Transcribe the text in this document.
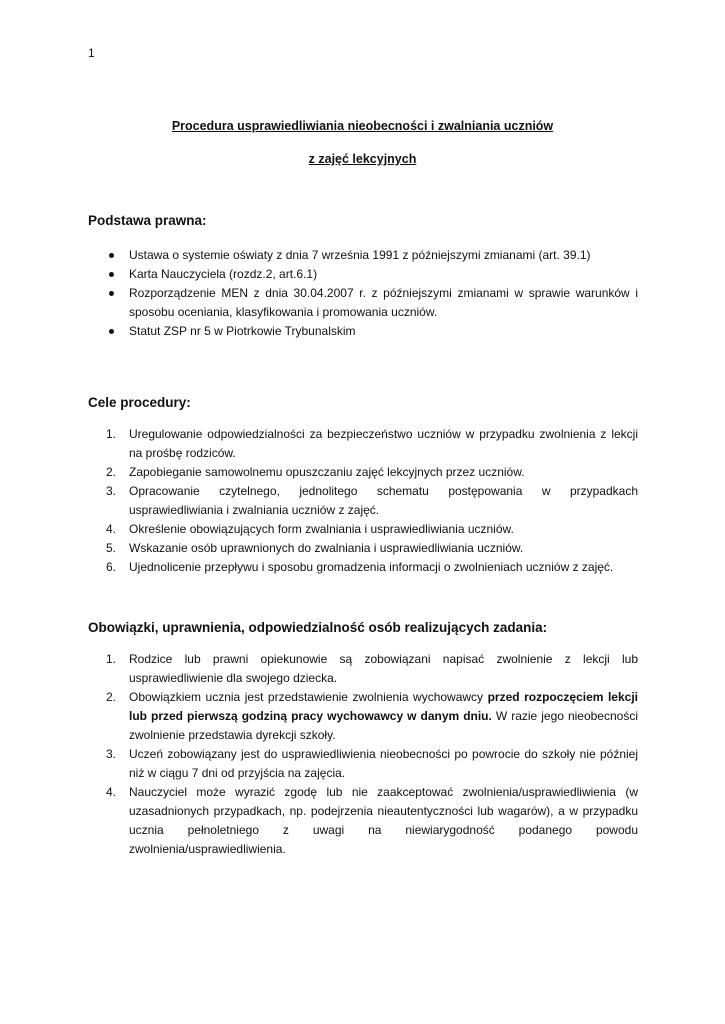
1
Procedura usprawiedliwiania nieobecności i zwalniania uczniów
z zajęć lekcyjnych
Podstawa prawna:
Ustawa o systemie oświaty z dnia 7 września 1991 z późniejszymi zmianami (art. 39.1)
Karta Nauczyciela (rozdz.2, art.6.1)
Rozporządzenie MEN z dnia 30.04.2007 r. z późniejszymi zmianami w sprawie warunków i sposobu oceniania, klasyfikowania i promowania uczniów.
Statut ZSP nr 5 w Piotrkowie Trybunalskim
Cele procedury:
1. Uregulowanie odpowiedzialności za bezpieczeństwo uczniów w przypadku zwolnienia z lekcji na prośbę rodziców.
2. Zapobieganie samowolnemu opuszczaniu zajęć lekcyjnych przez uczniów.
3. Opracowanie czytelnego, jednolitego schematu postępowania w przypadkach usprawiedliwiania i zwalniania uczniów z zajęć.
4. Określenie obowiązujących form zwalniania i usprawiedliwiania uczniów.
5. Wskazanie osób uprawnionych do zwalniania i usprawiedliwiania uczniów.
6. Ujednolicenie przepływu i sposobu gromadzenia informacji o zwolnieniach uczniów z zajęć.
Obowiązki, uprawnienia, odpowiedzialność osób realizujących zadania:
1. Rodzice lub prawni opiekunowie są zobowiązani napisać zwolnienie z lekcji lub usprawiedliwienie dla swojego dziecka.
2. Obowiązkiem ucznia jest przedstawienie zwolnienia wychowawcy przed rozpoczęciem lekcji lub przed pierwszą godziną pracy wychowawcy w danym dniu. W razie jego nieobecności zwolnienie przedstawia dyrekcji szkoły.
3. Uczeń zobowiązany jest do usprawiedliwienia nieobecności po powrocie do szkoły nie później niż w ciągu 7 dni od przyjścia na zajęcia.
4. Nauczyciel może wyrazić zgodę lub nie zaakceptować zwolnienia/usprawiedliwienia (w uzasadnionych przypadkach, np. podejrzenia nieautentyczności lub wagarów), a w przypadku ucznia pełnoletniego z uwagi na niewiarygodność podanego powodu zwolnienia/usprawiedliwienia.
